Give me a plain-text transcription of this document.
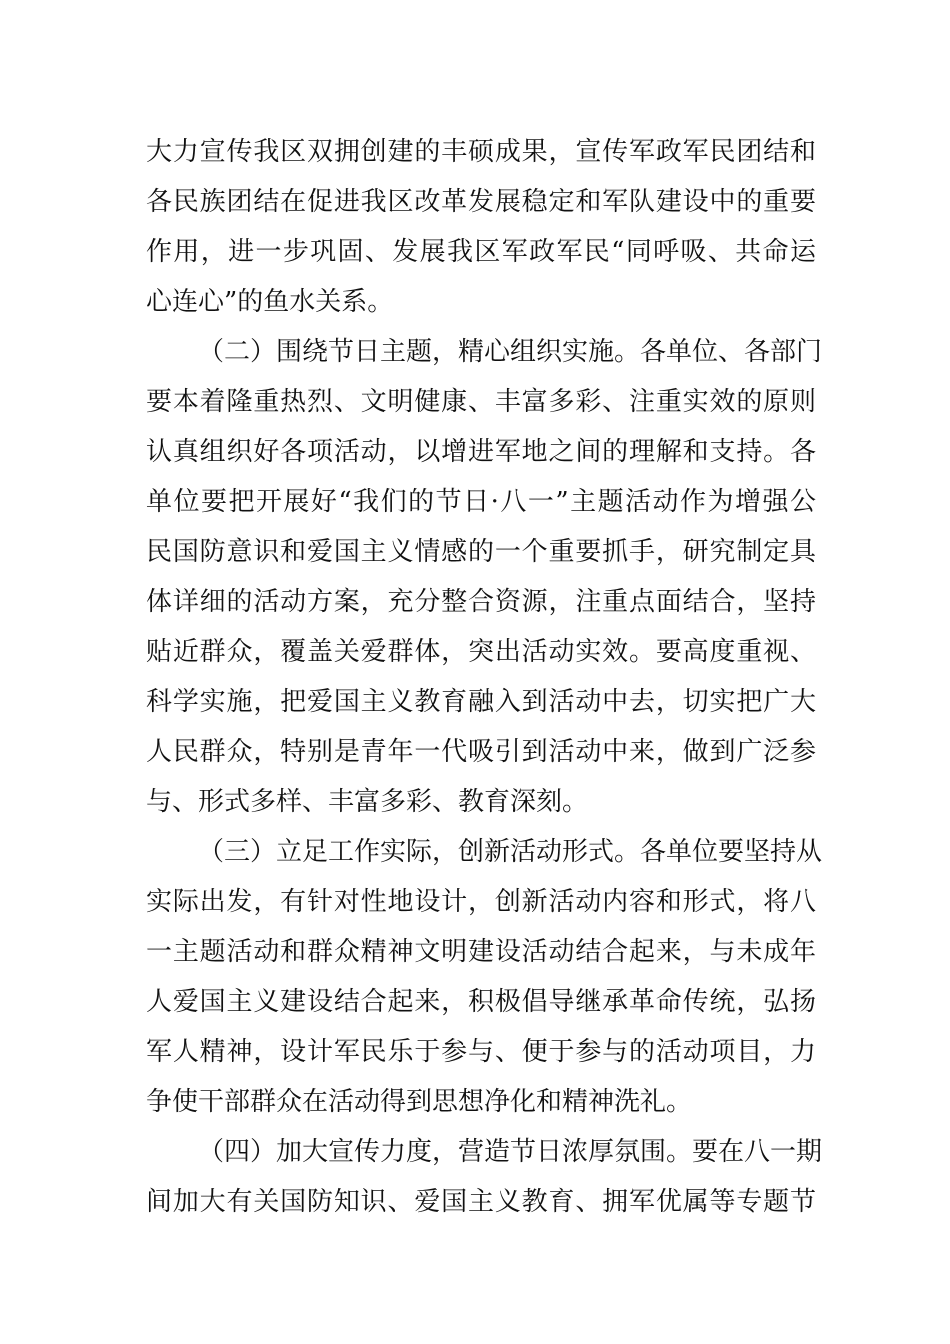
大力宣传我区双拥创建的丰硕成果，宣传军政军民团结和
各民族团结在促进我区改革发展稳定和军队建设中的重要
作用，进一步巩固、发展我区军政军民“同呼吸、共命运
心连心”的鱼水关系。
（二）围绕节日主题，精心组织实施。各单位、各部门
要本着隆重热烈、文明健康、丰富多彩、注重实效的原则
认真组织好各项活动，以增进军地之间的理解和支持。各
单位要把开展好“我们的节日·八一”主题活动作为增强公
民国防意识和爱国主义情感的一个重要抓手，研究制定具
体详细的活动方案，充分整合资源，注重点面结合，坚持
贴近群众，覆盖关爱群体，突出活动实效。要高度重视、
科学实施，把爱国主义教育融入到活动中去，切实把广大
人民群众，特别是青年一代吸引到活动中来，做到广泛参
与、形式多样、丰富多彩、教育深刻。
（三）立足工作实际，创新活动形式。各单位要坚持从
实际出发，有针对性地设计，创新活动内容和形式，将八
一主题活动和群众精神文明建设活动结合起来，与未成年
人爱国主义建设结合起来，积极倡导继承革命传统，弘扬
军人精神，设计军民乐于参与、便于参与的活动项目，力
争使干部群众在活动得到思想净化和精神洗礼。
（四）加大宣传力度，营造节日浓厚氛围。要在八一期
间加大有关国防知识、爱国主义教育、拥军优属等专题节
